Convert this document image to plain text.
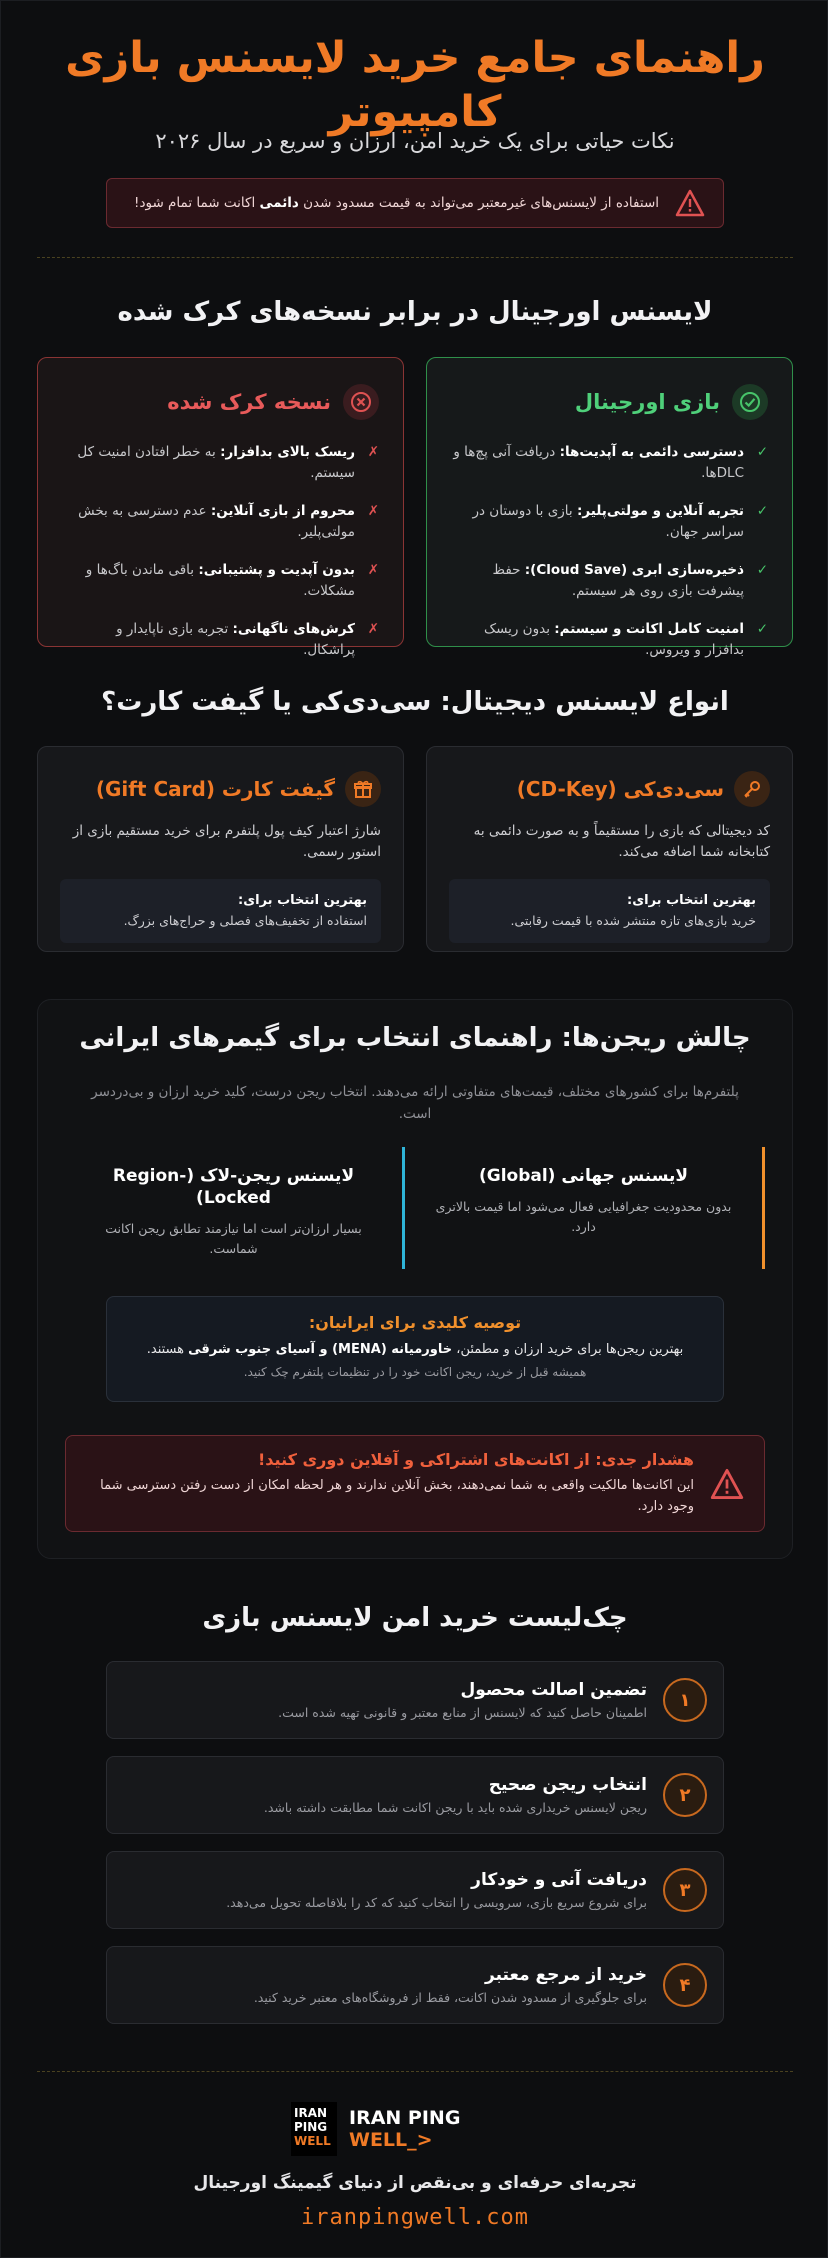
راهنمای جامع خرید لایسنس بازی کامپیوتر
نکات حیاتی برای یک خرید امن، ارزان و سریع در سال ۲۰۲۶
استفاده از لایسنس‌های غیرمعتبر می‌تواند به قیمت مسدود شدن دائمی اکانت شما تمام شود!
لایسنس اورجینال در برابر نسخه‌های کرک شده
بازی اورجینال
✓
دسترسی دائمی به آپدیت‌ها: دریافت آنی پچ‌ها و DLCها.
✓
تجربه آنلاین و مولتی‌پلیر: بازی با دوستان در سراسر جهان.
✓
ذخیره‌سازی ابری (Cloud Save): حفظ پیشرفت بازی روی هر سیستم.
✓
امنیت کامل اکانت و سیستم: بدون ریسک بدافزار و ویروس.
نسخه کرک شده
✗
ریسک بالای بدافزار: به خطر افتادن امنیت کل سیستم.
✗
محروم از بازی آنلاین: عدم دسترسی به بخش مولتی‌پلیر.
✗
بدون آپدیت و پشتیبانی: باقی ماندن باگ‌ها و مشکلات.
✗
کرش‌های ناگهانی: تجربه بازی ناپایدار و پراشکال.
انواع لایسنس دیجیتال: سی‌دی‌کی یا گیفت کارت؟
سی‌دی‌کی (CD-Key)
کد دیجیتالی که بازی را مستقیماً و به صورت دائمی به کتابخانه شما اضافه می‌کند.
بهترین انتخاب برای:
خرید بازی‌های تازه منتشر شده با قیمت رقابتی.
گیفت کارت (Gift Card)
شارژ اعتبار کیف پول پلتفرم برای خرید مستقیم بازی از استور رسمی.
بهترین انتخاب برای:
استفاده از تخفیف‌های فصلی و حراج‌های بزرگ.
چالش ریجن‌ها: راهنمای انتخاب برای گیمرهای ایرانی
پلتفرم‌ها برای کشورهای مختلف، قیمت‌های متفاوتی ارائه می‌دهند. انتخاب ریجن درست، کلید خرید ارزان و بی‌دردسر است.
لایسنس جهانی (Global)
بدون محدودیت جغرافیایی فعال می‌شود اما قیمت بالاتری دارد.
لایسنس ریجن-لاک (Region-Locked)
بسیار ارزان‌تر است اما نیازمند تطابق ریجن اکانت شماست.
توصیه کلیدی برای ایرانیان:
بهترین ریجن‌ها برای خرید ارزان و مطمئن، خاورمیانه (MENA) و آسیای جنوب شرقی هستند.
همیشه قبل از خرید، ریجن اکانت خود را در تنظیمات پلتفرم چک کنید.
هشدار جدی: از اکانت‌های اشتراکی و آفلاین دوری کنید!
این اکانت‌ها مالکیت واقعی به شما نمی‌دهند، بخش آنلاین ندارند و هر لحظه امکان از دست رفتن دسترسی شما وجود دارد.
چک‌لیست خرید امن لایسنس بازی
۱
تضمین اصالت محصول
اطمینان حاصل کنید که لایسنس از منابع معتبر و قانونی تهیه شده است.
۲
انتخاب ریجن صحیح
ریجن لایسنس خریداری شده باید با ریجن اکانت شما مطابقت داشته باشد.
۳
دریافت آنی و خودکار
برای شروع سریع بازی، سرویسی را انتخاب کنید که کد را بلافاصله تحویل می‌دهد.
۴
خرید از مرجع معتبر
برای جلوگیری از مسدود شدن اکانت، فقط از فروشگاه‌های معتبر خرید کنید.
IRAN
PING
WELL
IRAN PING WELL_>
تجربه‌ای حرفه‌ای و بی‌نقص از دنیای گیمینگ اورجینال
iranpingwell.com
